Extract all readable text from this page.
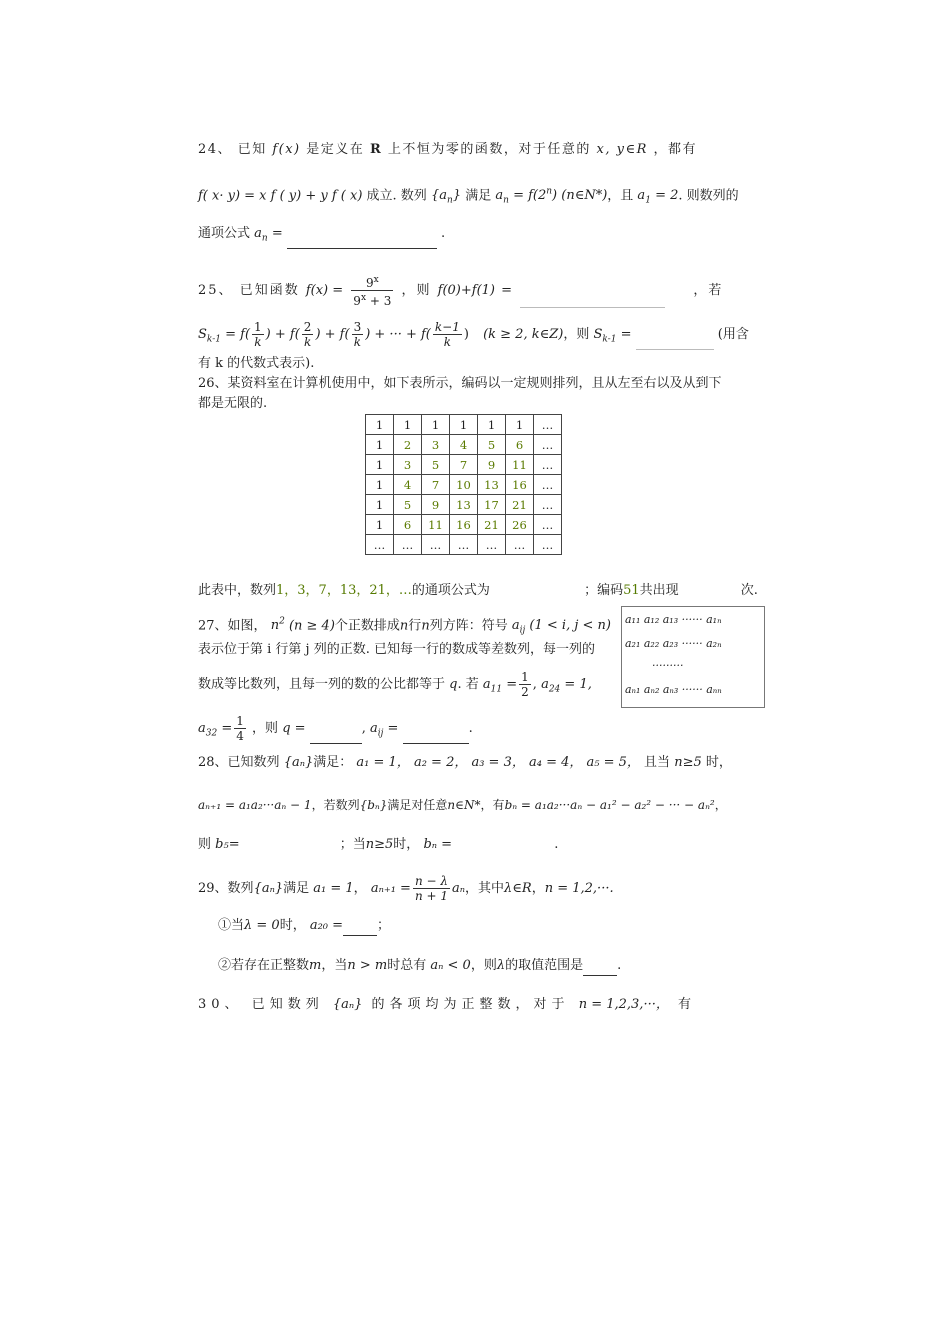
24、 已知 f(x) 是定义在 R 上不恒为零的函数，对于任意的 x, y∈R ，都有
f( x· y) = x f ( y) + y f ( x) 成立. 数列 $\{a_n\}$ 满足 $a_n = f(2^n)$ (n∈N*)，且 $a_1 = 2$. 则数列的
通项公式 $a_n$ =	.
25、 已知函数 $f(x) = \frac{9^x}{9^x + 3}$ ，则 f(0)+f(1) =	，若
$S_{k-1} = f( \frac{1}{k}$ ) + $f( \frac{2}{k}$ ) + $f( \frac{3}{k}$ ) + ··· + $f( \frac{k-1}{k}$ ) (k ≥ 2, k∈Z)，则 $S_{k-1}$ =	(用含
有 k 的代数式表示).
26、某资料室在计算机使用中，如下表所示，编码以一定规则排列，且从左至右以及从到下
都是无限的.
1	1	1	1	1	1	…
1	2	3	4	5	6	…
1	3	5	7	9	11	…
1	4	7	10	13	16	…
1	5	9	13	17	21	…
1	6	11	16	21	26	…
…	…	…	…	…	…	…
此表中，数列1，3，7，13，21，…的通项公式为	；编码51共出现	次.
27、如图， $n^2$ (n ≥ 4)个正数排成n行n列方阵：符号 $a_{ij}$ (1 < i, j < n)
表示位于第 i 行第 j 列的正数. 已知每一行的数成等差数列，每一列的
数成等比数列，且每一列的数的公比都等于 q. 若 $a_{11} = \frac{1}{2}$ , $a_{24} = 1$,
$a_{32} = \frac{1}{4}$ ，则 q =	, $a_{ij}$ =	.
a₁₁ a₁₂ a₁₃ ······ a₁ₙ
a₂₁ a₂₂ a₂₃ ······ a₂ₙ
·········
aₙ₁ aₙ₂ aₙ₃ ······ aₙₙ
28、已知数列 {aₙ}满足： a₁ = 1， a₂ = 2， a₃ = 3， a₄ = 4， a₅ = 5， 且当 n≥5 时，
aₙ₊₁ = a₁a₂···aₙ − 1，若数列{bₙ}满足对任意n∈N*，有bₙ = a₁a₂···aₙ − a₁² − a₂² − ··· − aₙ²，
则 b₅=	；当n≥5时， bₙ =	.
29、数列{aₙ}满足 a₁ = 1， $a_{n+1} = \frac{n - \lambda}{n + 1}$ aₙ，其中λ∈R，n = 1,2,···.
①当λ = 0时， a₂₀ =	；
②若存在正整数m，当n > m时总有 aₙ < 0，则λ的取值范围是	.
30、 已知数列 {aₙ} 的各项均为正整数，对于 n = 1,2,3,···， 有
